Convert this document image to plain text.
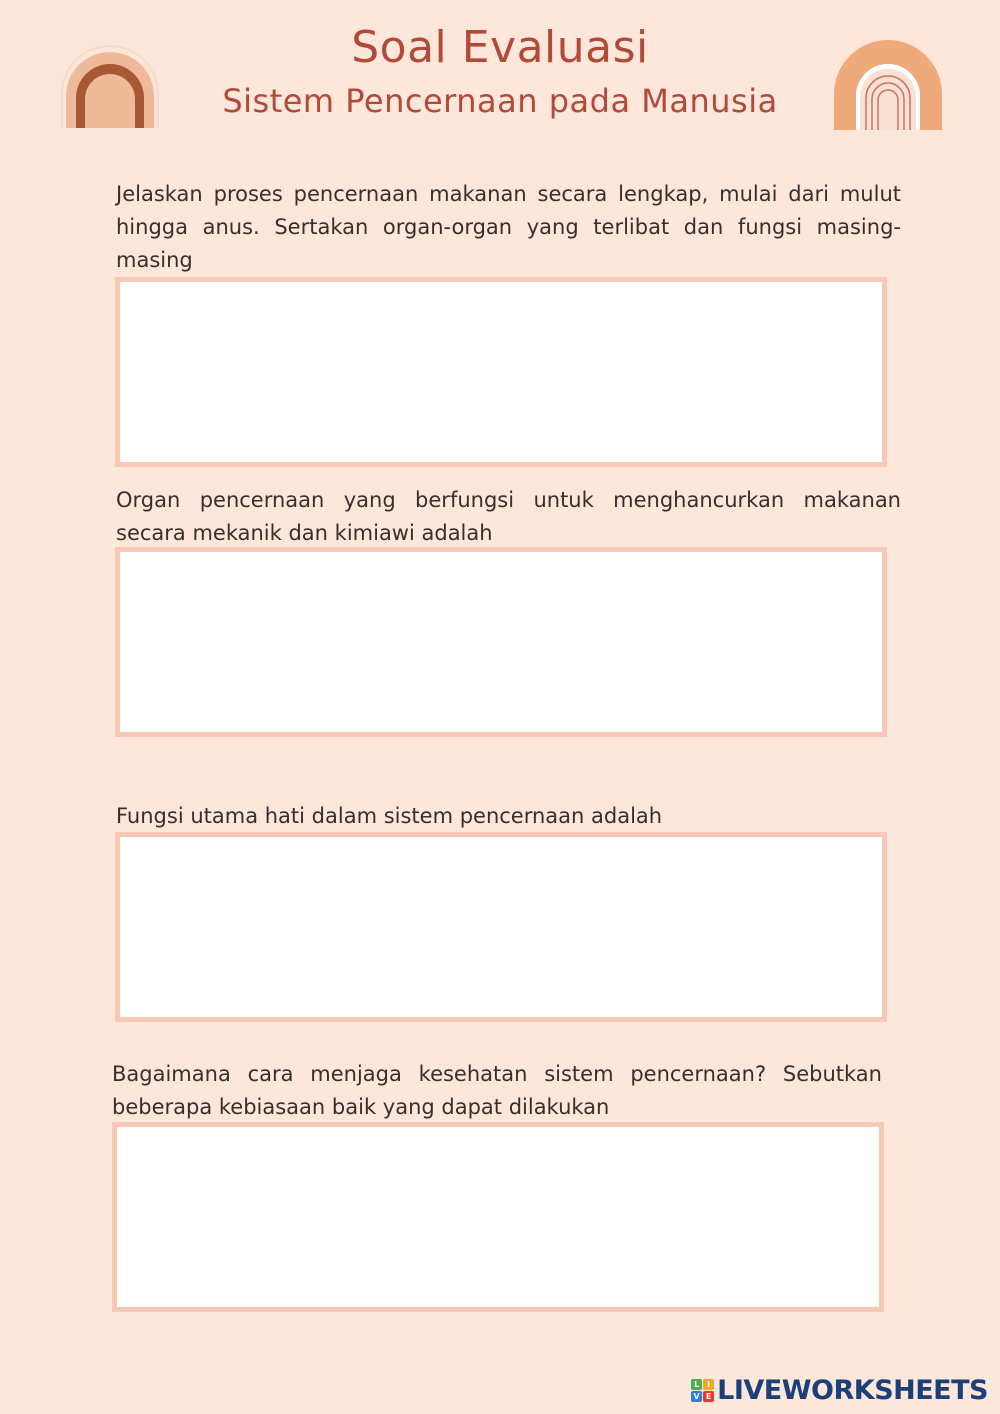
Soal Evaluasi
Sistem Pencernaan pada Manusia
Jelaskan proses pencernaan makanan secara lengkap, mulai dari mulut hingga anus. Sertakan organ-organ yang terlibat dan fungsi masing-masing
Organ pencernaan yang berfungsi untuk menghancurkan makanan secara mekanik dan kimiawi adalah
Fungsi utama hati dalam sistem pencernaan adalah
Bagaimana cara menjaga kesehatan sistem pencernaan? Sebutkan beberapa kebiasaan baik yang dapat dilakukan
L I
V E LIVEWORKSHEETS
